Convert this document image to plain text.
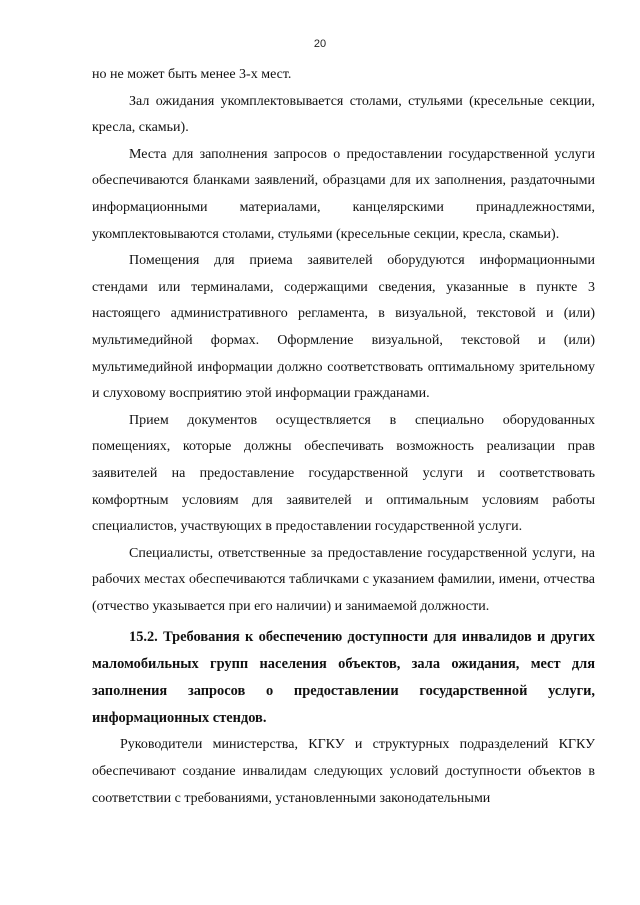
20

но не может быть менее 3-х мест.

Зал ожидания укомплектовывается столами, стульями (кресельные секции, кресла, скамьи).

Места для заполнения запросов о предоставлении государственной услуги обеспечиваются бланками заявлений, образцами для их заполнения, раздаточными информационными материалами, канцелярскими принадлежностями, укомплектовываются столами, стульями (кресельные секции, кресла, скамьи).

Помещения для приема заявителей оборудуются информационными стендами или терминалами, содержащими сведения, указанные в пункте 3 настоящего административного регламента, в визуальной, текстовой и (или) мультимедийной формах. Оформление визуальной, текстовой и (или) мультимедийной информации должно соответствовать оптимальному зрительному и слуховому восприятию этой информации гражданами.

Прием документов осуществляется в специально оборудованных помещениях, которые должны обеспечивать возможность реализации прав заявителей на предоставление государственной услуги и соответствовать комфортным условиям для заявителей и оптимальным условиям работы специалистов, участвующих в предоставлении государственной услуги.

Специалисты, ответственные за предоставление государственной услуги, на рабочих местах обеспечиваются табличками с указанием фамилии, имени, отчества (отчество указывается при его наличии) и занимаемой должности.

15.2. Требования к обеспечению доступности для инвалидов и других маломобильных групп населения объектов, зала ожидания, мест для заполнения запросов о предоставлении государственной услуги, информационных стендов.

Руководители министерства, КГКУ и структурных подразделений КГКУ обеспечивают создание инвалидам следующих условий доступности объектов в соответствии с требованиями, установленными законодательными
